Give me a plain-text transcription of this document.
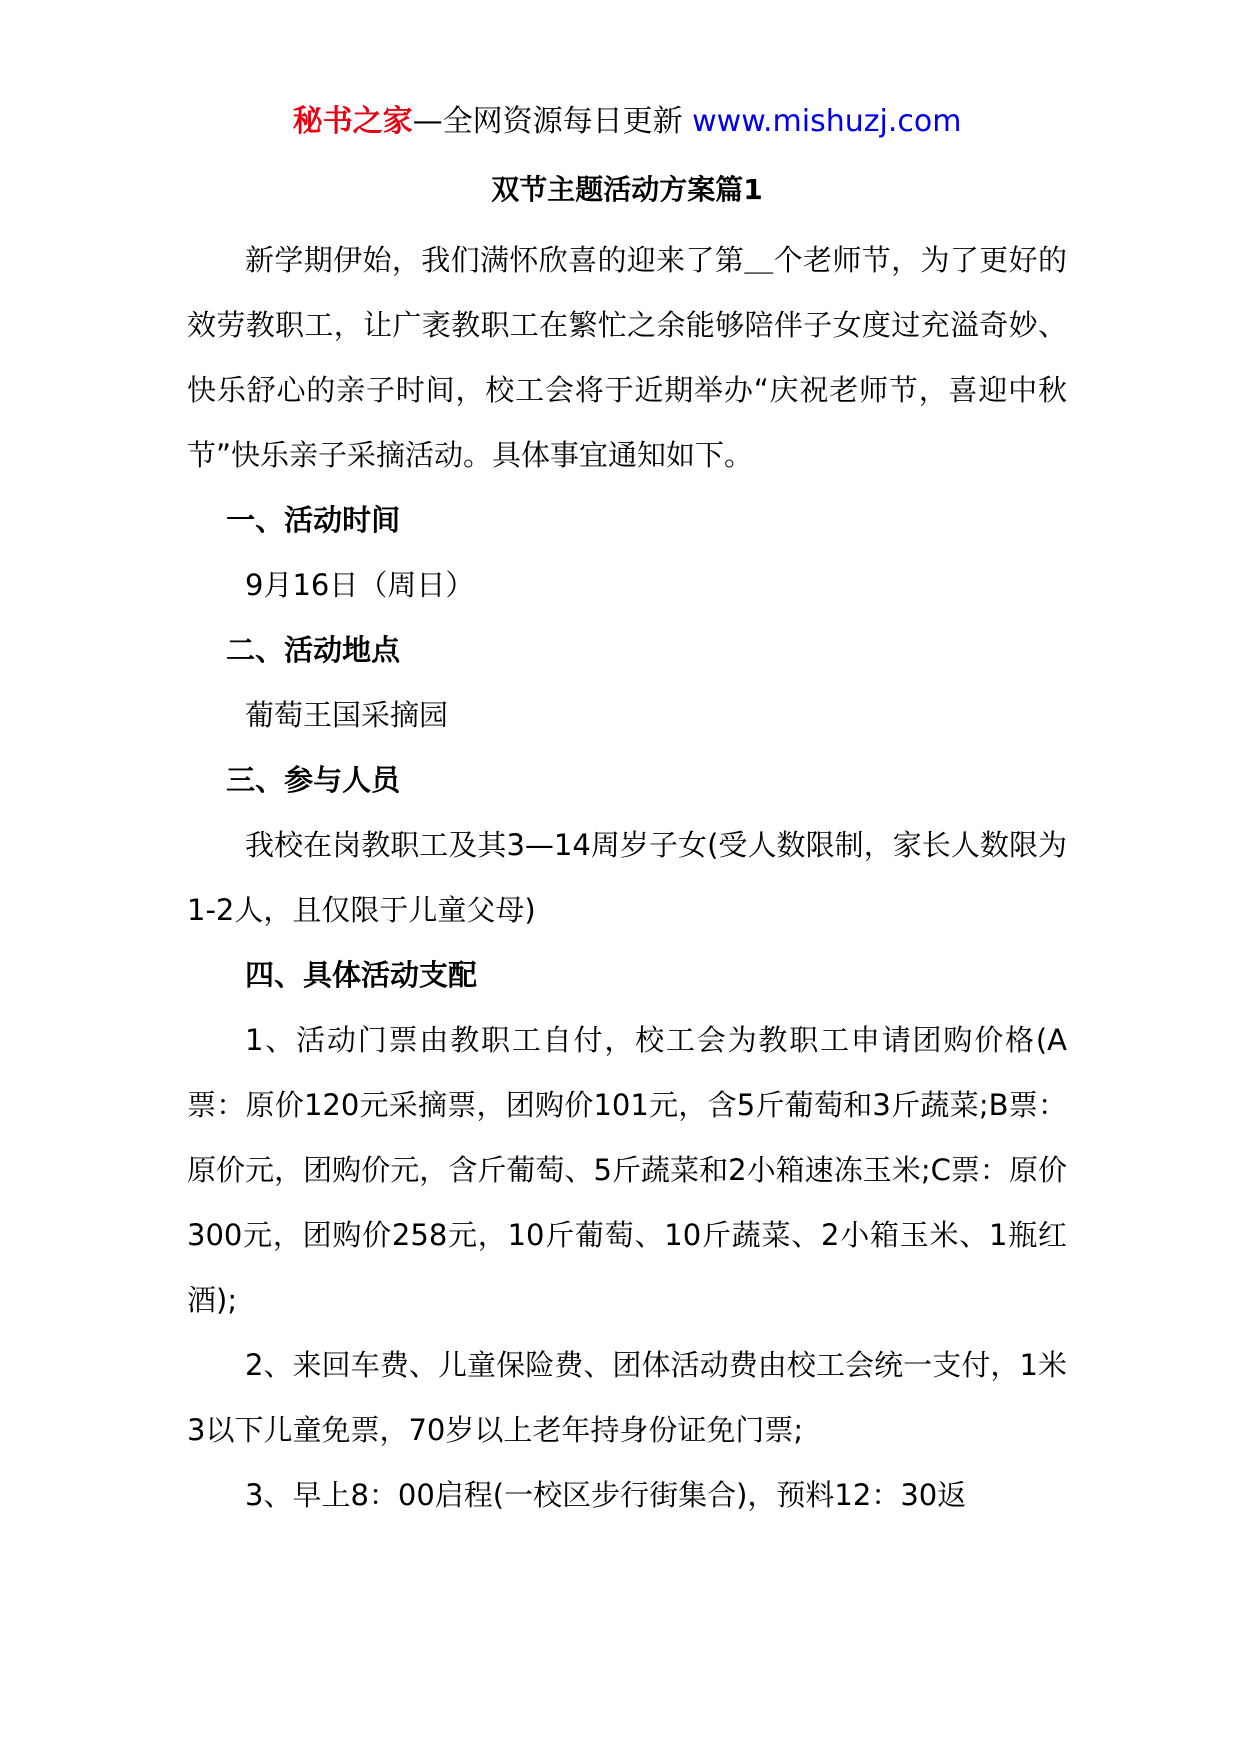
秘书之家—全网资源每日更新 www.mishuzj.com
双节主题活动方案篇1

新学期伊始，我们满怀欣喜的迎来了第＿个老师节，为了更好的效劳教职工，让广袤教职工在繁忙之余能够陪伴子女度过充溢奇妙、快乐舒心的亲子时间，校工会将于近期举办“庆祝老师节，喜迎中秋节”快乐亲子采摘活动。具体事宜通知如下。

一、活动时间

9月16日（周日）

二、活动地点

葡萄王国采摘园

三、参与人员

我校在岗教职工及其3—14周岁子女(受人数限制，家长人数限为1-2人，且仅限于儿童父母)

四、具体活动支配

1、活动门票由教职工自付，校工会为教职工申请团购价格(A票：原价120元采摘票，团购价101元，含5斤葡萄和3斤蔬菜;B票：原价元，团购价元，含斤葡萄、5斤蔬菜和2小箱速冻玉米;C票：原价300元，团购价258元，10斤葡萄、10斤蔬菜、2小箱玉米、1瓶红酒);

2、来回车费、儿童保险费、团体活动费由校工会统一支付，1米3以下儿童免票，70岁以上老年持身份证免门票;

3、早上8：00启程(一校区步行街集合)，预料12：30返
